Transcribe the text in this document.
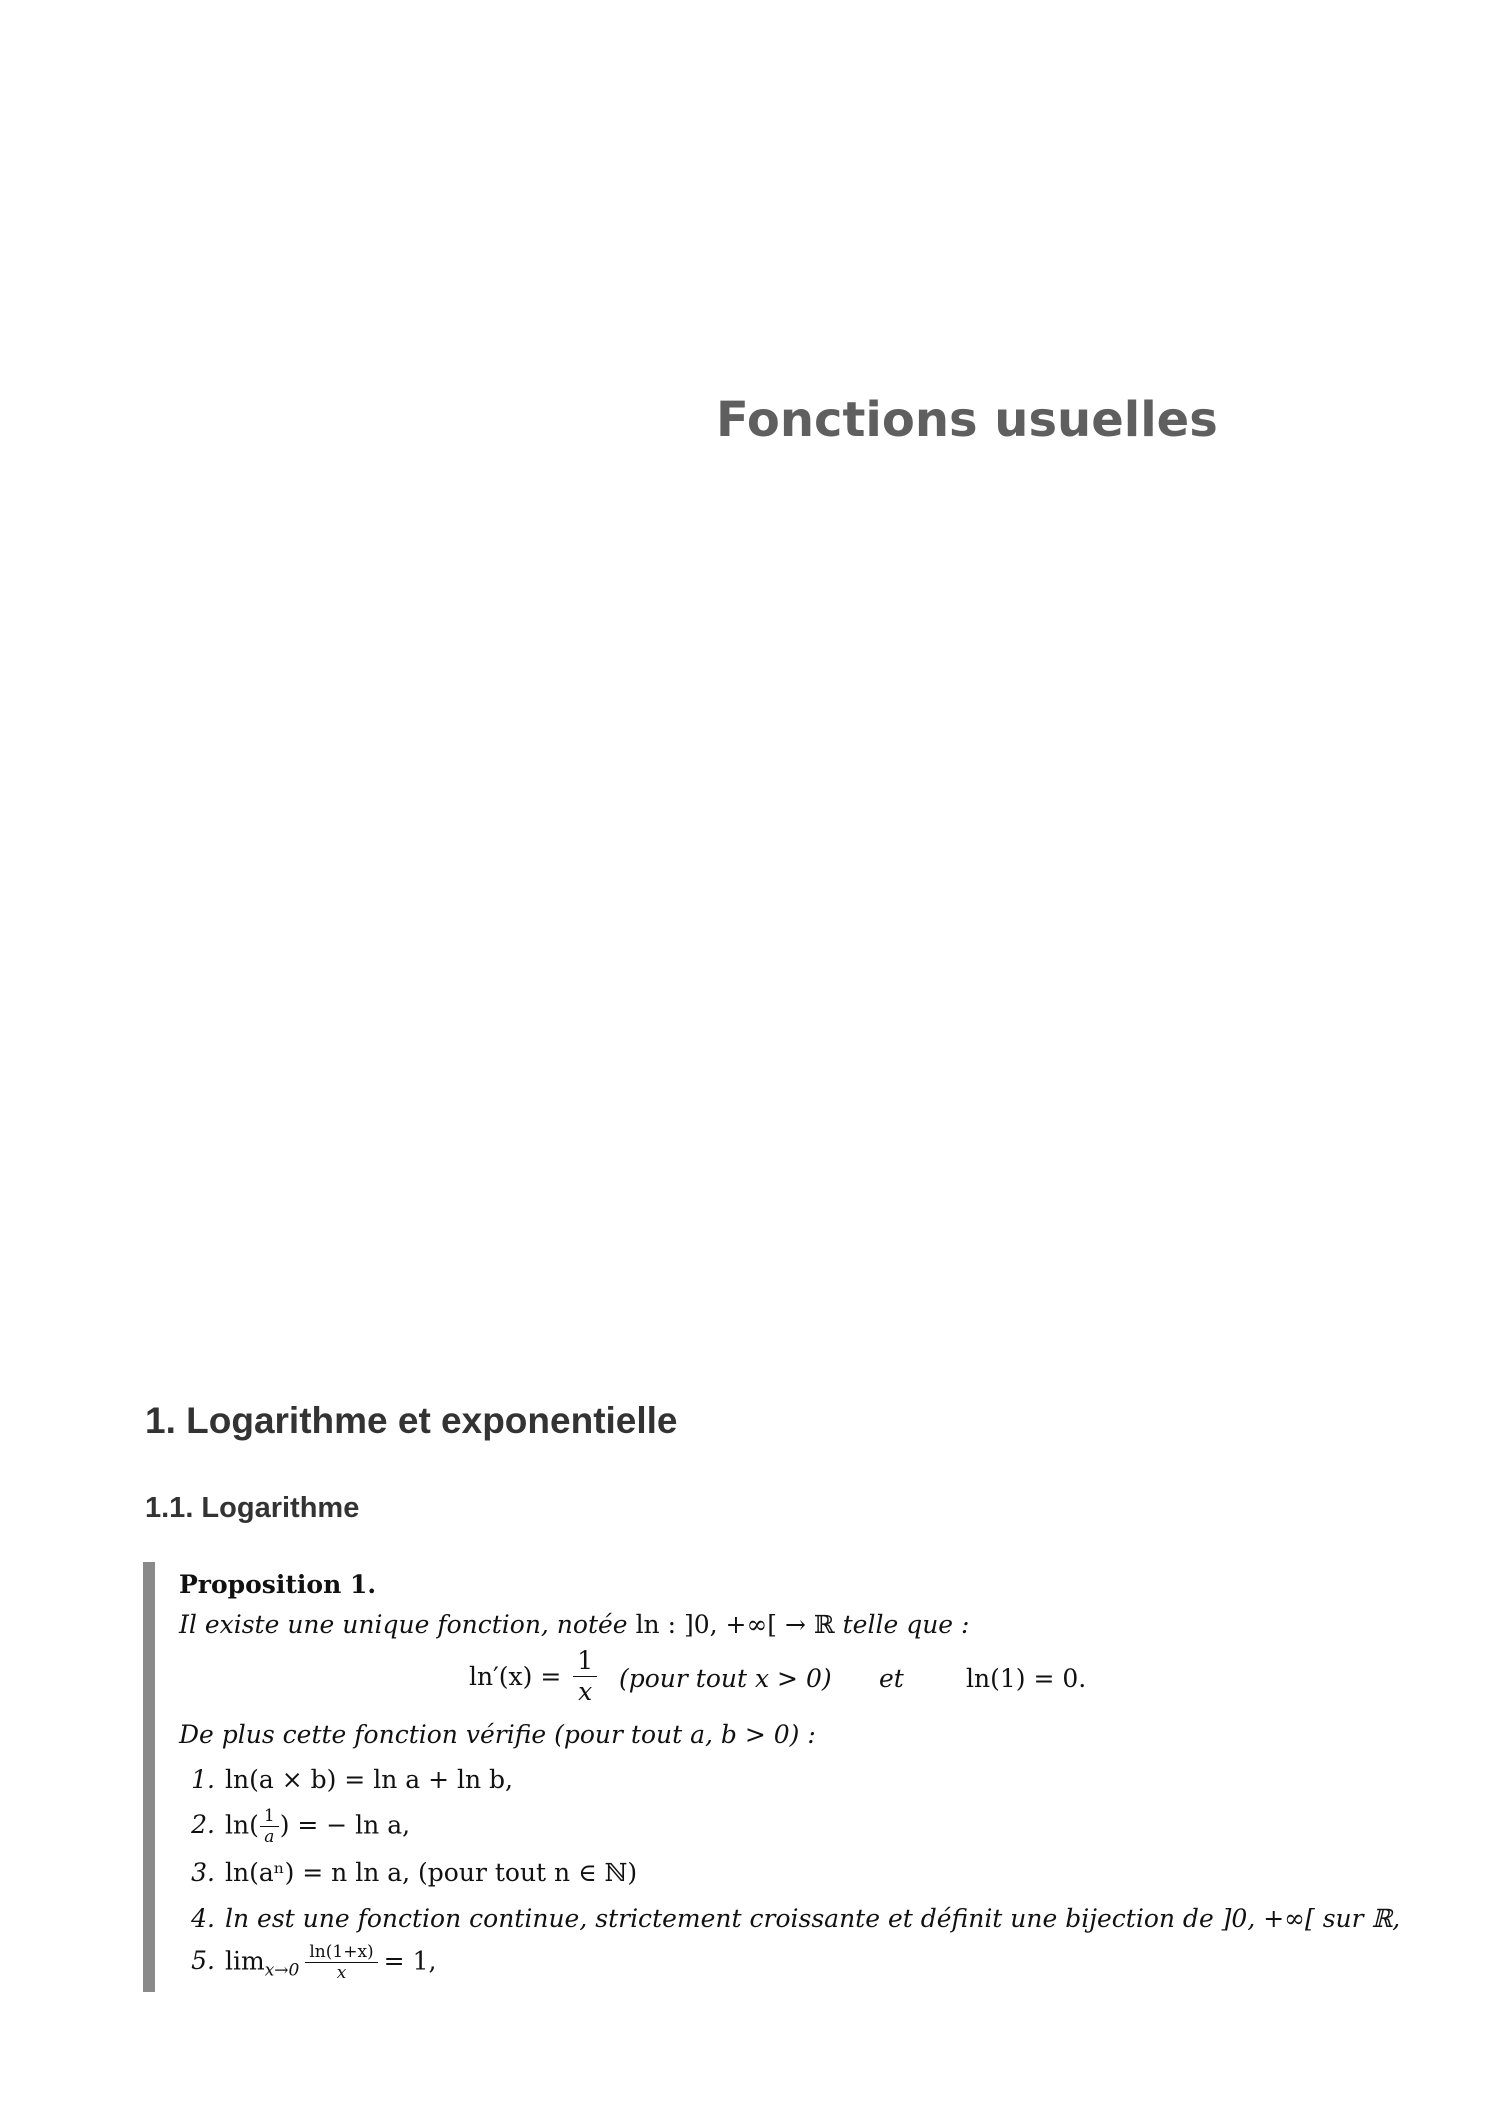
Fonctions usuelles
1. Logarithme et exponentielle
1.1. Logarithme
Proposition 1.
Il existe une unique fonction, notée ln : ]0, +∞[ → ℝ telle que :
$\ln'(x) = \frac{1}{x}$ (pour tout x > 0) et ln(1) = 0.
De plus cette fonction vérifie (pour tout a, b > 0) :
1. ln(a × b) = ln a + ln b,
2. $\ln( \frac{1}{a}$ ) = − ln a,
3. ln(aⁿ) = n ln a, (pour tout n ∈ ℕ)
4. ln est une fonction continue, strictement croissante et définit une bijection de ]0, +∞[ sur ℝ,
5. $\lim_{x\to 0} \frac{\ln(1+x)}{x} = 1$,
